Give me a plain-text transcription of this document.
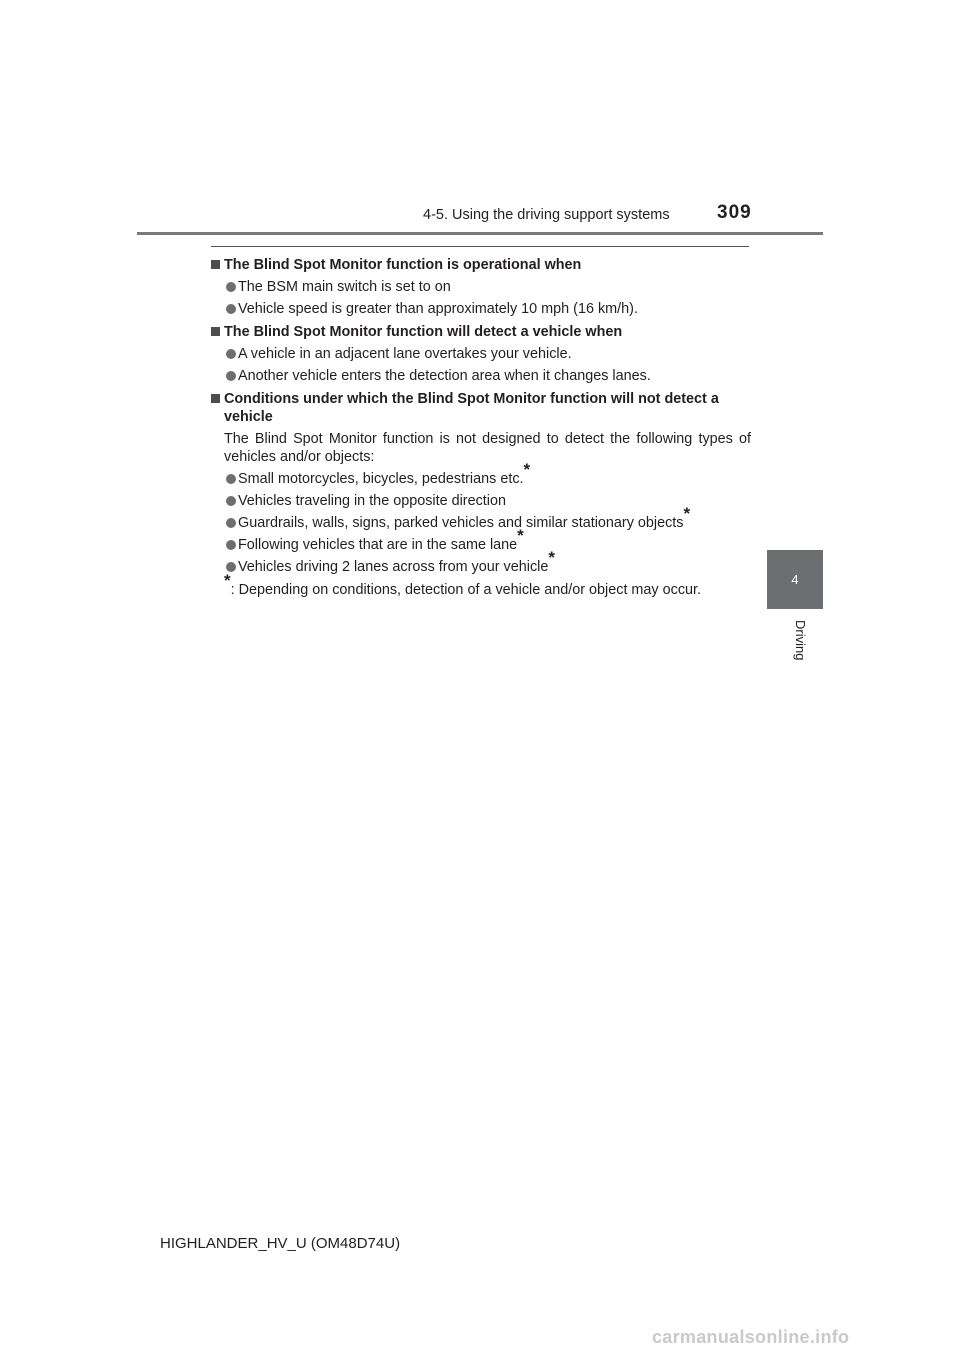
4-5. Using the driving support systems 309
The Blind Spot Monitor function is operational when
The BSM main switch is set to on
Vehicle speed is greater than approximately 10 mph (16 km/h).
The Blind Spot Monitor function will detect a vehicle when
A vehicle in an adjacent lane overtakes your vehicle.
Another vehicle enters the detection area when it changes lanes.
Conditions under which the Blind Spot Monitor function will not detect a vehicle
The Blind Spot Monitor function is not designed to detect the following types of vehicles and/or objects:
Small motorcycles, bicycles, pedestrians etc.*
Vehicles traveling in the opposite direction
Guardrails, walls, signs, parked vehicles and similar stationary objects*
Following vehicles that are in the same lane*
Vehicles driving 2 lanes across from your vehicle*
*: Depending on conditions, detection of a vehicle and/or object may occur.
4
Driving
HIGHLANDER_HV_U (OM48D74U)
carmanualsonline.info
